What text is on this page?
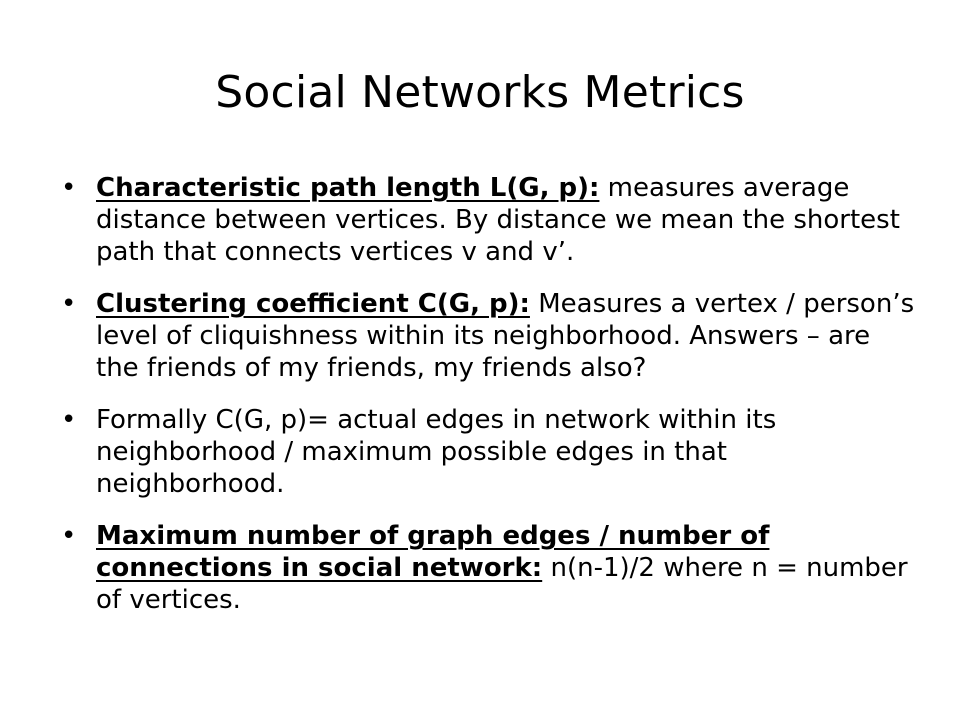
Social Networks Metrics
• Characteristic path length L(G, p): measures average distance between vertices. By distance we mean the shortest path that connects vertices v and v’.
• Clustering coefficient C(G, p): Measures a vertex / person’s level of cliquishness within its neighborhood. Answers – are the friends of my friends, my friends also?
• Formally C(G, p)= actual edges in network within its neighborhood / maximum possible edges in that neighborhood.
• Maximum number of graph edges / number of connections in social network: n(n-1)/2 where n = number of vertices.
